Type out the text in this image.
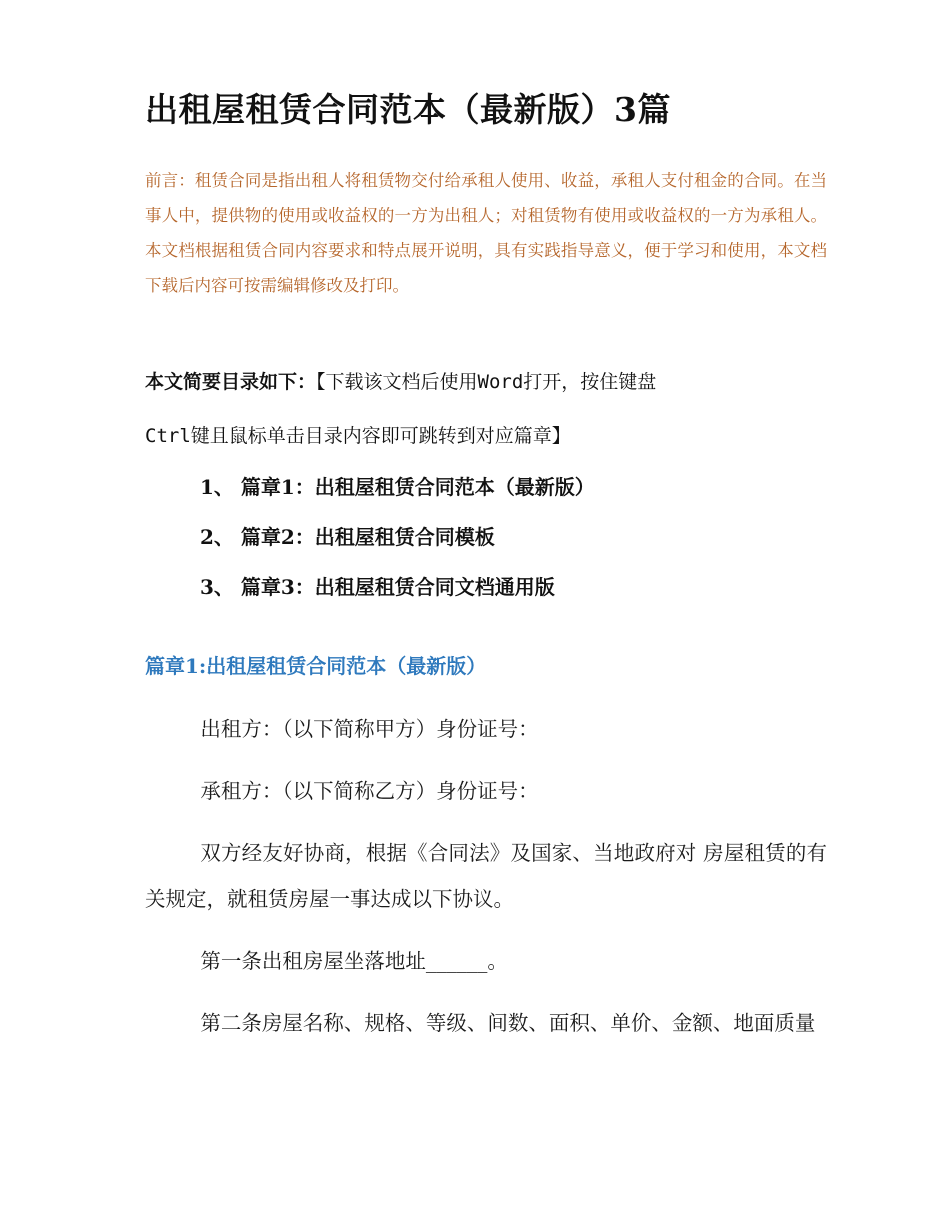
出租屋租赁合同范本（最新版）3篇
前言：租赁合同是指出租人将租赁物交付给承租人使用、收益，承租人支付租金的合同。在当事人中，提供物的使用或收益权的一方为出租人；对租赁物有使用或收益权的一方为承租人。本文档根据租赁合同内容要求和特点展开说明，具有实践指导意义，便于学习和使用，本文档下载后内容可按需编辑修改及打印。
本文简要目录如下：【下载该文档后使用Word打开，按住键盘
Ctrl键且鼠标单击目录内容即可跳转到对应篇章】
1、 篇章1：出租屋租赁合同范本（最新版）
2、 篇章2：出租屋租赁合同模板
3、 篇章3：出租屋租赁合同文档通用版
篇章1:出租屋租赁合同范本（最新版）

出租方：（以下简称甲方）身份证号：

承租方：（以下简称乙方）身份证号：

双方经友好协商，根据《合同法》及国家、当地政府对 房屋租赁的有关规定，就租赁房屋一事达成以下协议。

第一条出租房屋坐落地址______。

第二条房屋名称、规格、等级、间数、面积、单价、金额、地面质量
